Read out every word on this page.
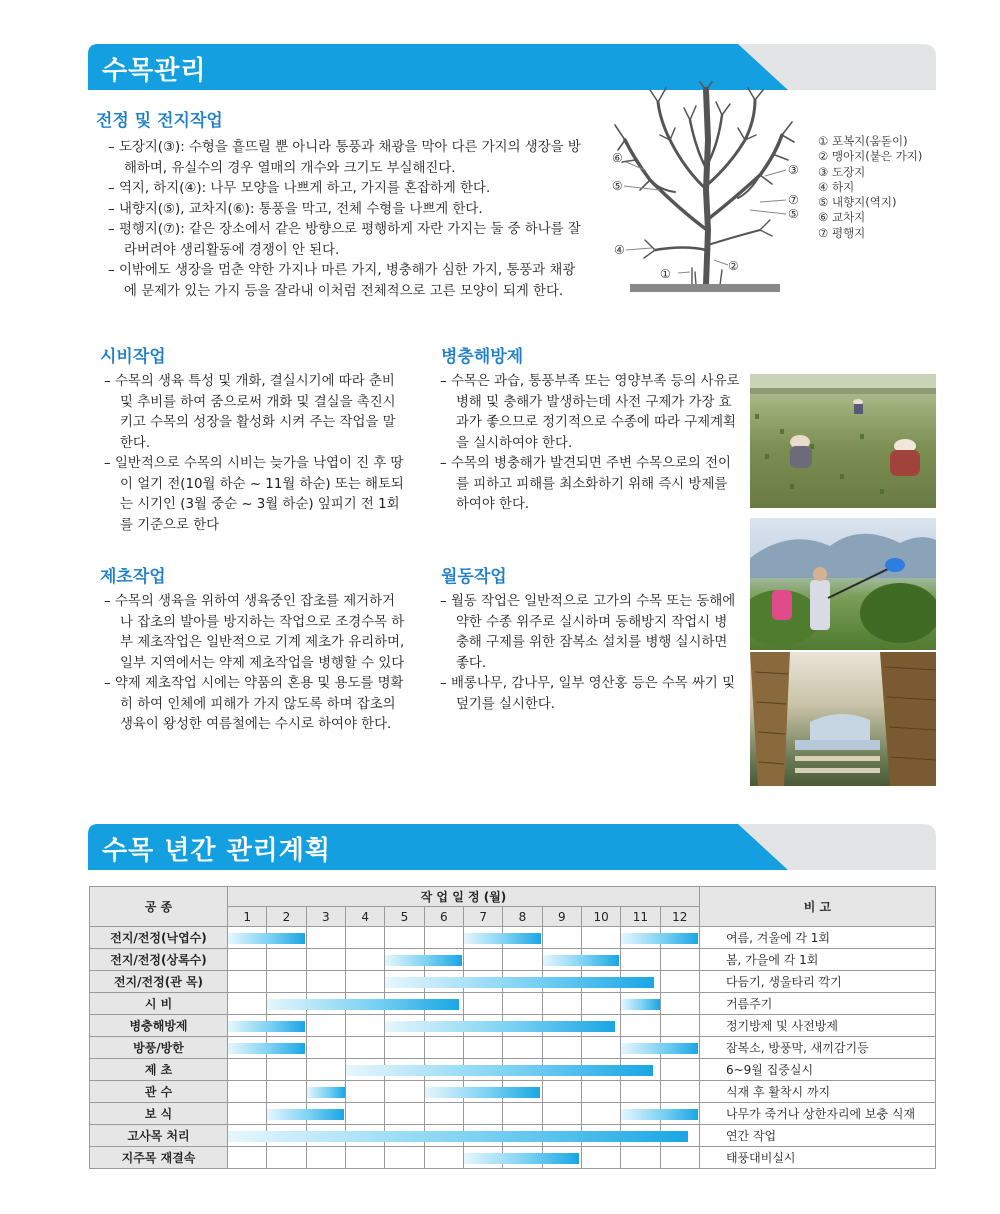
수목관리
전정 및 전지작업
– 도장지(③): 수형을 흩뜨릴 뿐 아니라 통풍과 채광을 막아 다른 가지의 생장을 방해하며, 유실수의 경우 열매의 개수와 크기도 부실해진다.
– 역지, 하지(④): 나무 모양을 나쁘게 하고, 가지를 혼잡하게 한다.
– 내향지(⑤), 교차지(⑥): 통풍을 막고, 전체 수형을 나쁘게 한다.
– 평행지(⑦): 같은 장소에서 같은 방향으로 평행하게 자란 가지는 둘 중 하나를 잘라버려야 생리활동에 경쟁이 안 된다.
– 이밖에도 생장을 멈춘 약한 가지나 마른 가지, 병충해가 심한 가지, 통풍과 채광에 문제가 있는 가지 등을 잘라내 이처럼 전체적으로 고른 모양이 되게 한다.
⑥
⑤
④
①
②
③
⑦
⑤
① 포복지(움돋이)
② 맹아지(붙은 가지)
③ 도장지
④ 하지
⑤ 내향지(역지)
⑥ 교차지
⑦ 평행지
시비작업
– 수목의 생육 특성 및 개화, 결실시기에 따라 춘비 및 추비를 하여 줌으로써 개화 및 결실을 촉진시키고 수목의 성장을 활성화 시켜 주는 작업을 말한다.
– 일반적으로 수목의 시비는 늦가을 낙엽이 진 후 땅이 얼기 전(10월 하순 ~ 11월 하순) 또는 해토되는 시기인 (3월 중순 ~ 3월 하순) 잎피기 전 1회를 기준으로 한다
병충해방제
– 수목은 과습, 통풍부족 또는 영양부족 등의 사유로 병해 및 충해가 발생하는데 사전 구제가 가장 효과가 좋으므로 정기적으로 수종에 따라 구제계획을 실시하여야 한다.
– 수목의 병충해가 발견되면 주변 수목으로의 전이를 피하고 피해를 최소화하기 위해 즉시 방제를 하여야 한다.
제초작업
– 수목의 생육을 위하여 생육중인 잡초를 제거하거나 잡초의 발아를 방지하는 작업으로 조경수목 하부 제초작업은 일반적으로 기계 제초가 유리하며, 일부 지역에서는 약제 제초작업을 병행할 수 있다
– 약제 제초작업 시에는 약품의 혼용 및 용도를 명확히 하여 인체에 피해가 가지 않도록 하며 잡초의 생육이 왕성한 여름철에는 수시로 하여야 한다.
월동작업
– 월동 작업은 일반적으로 고가의 수목 또는 동해에 약한 수종 위주로 실시하며 동해방지 작업시 병충해 구제를 위한 잠복소 설치를 병행 실시하면 좋다.
– 배롱나무, 감나무, 일부 영산홍 등은 수목 싸기 및 덮기를 실시한다.
수목 년간 관리계획
공 종	작 업 일 정 (월)												비 고
	1	2	3	4	5	6	7	8	9	10	11	12	
전지/전정(낙엽수)													여름, 겨울에 각 1회
전지/전정(상록수)													봄, 가을에 각 1회
전지/전정(관 목)													다듬기, 생울타리 깍기
시 비													거름주기
병충해방제													정기방제 및 사전방제
방풍/방한													잠복소, 방풍막, 새끼감기등
제 초													6~9월 집중실시
관 수													식재 후 활착시 까지
보 식													나무가 죽거나 상한자리에 보충 식재
고사목 처리													연간 작업
지주목 재결속													태풍대비실시
